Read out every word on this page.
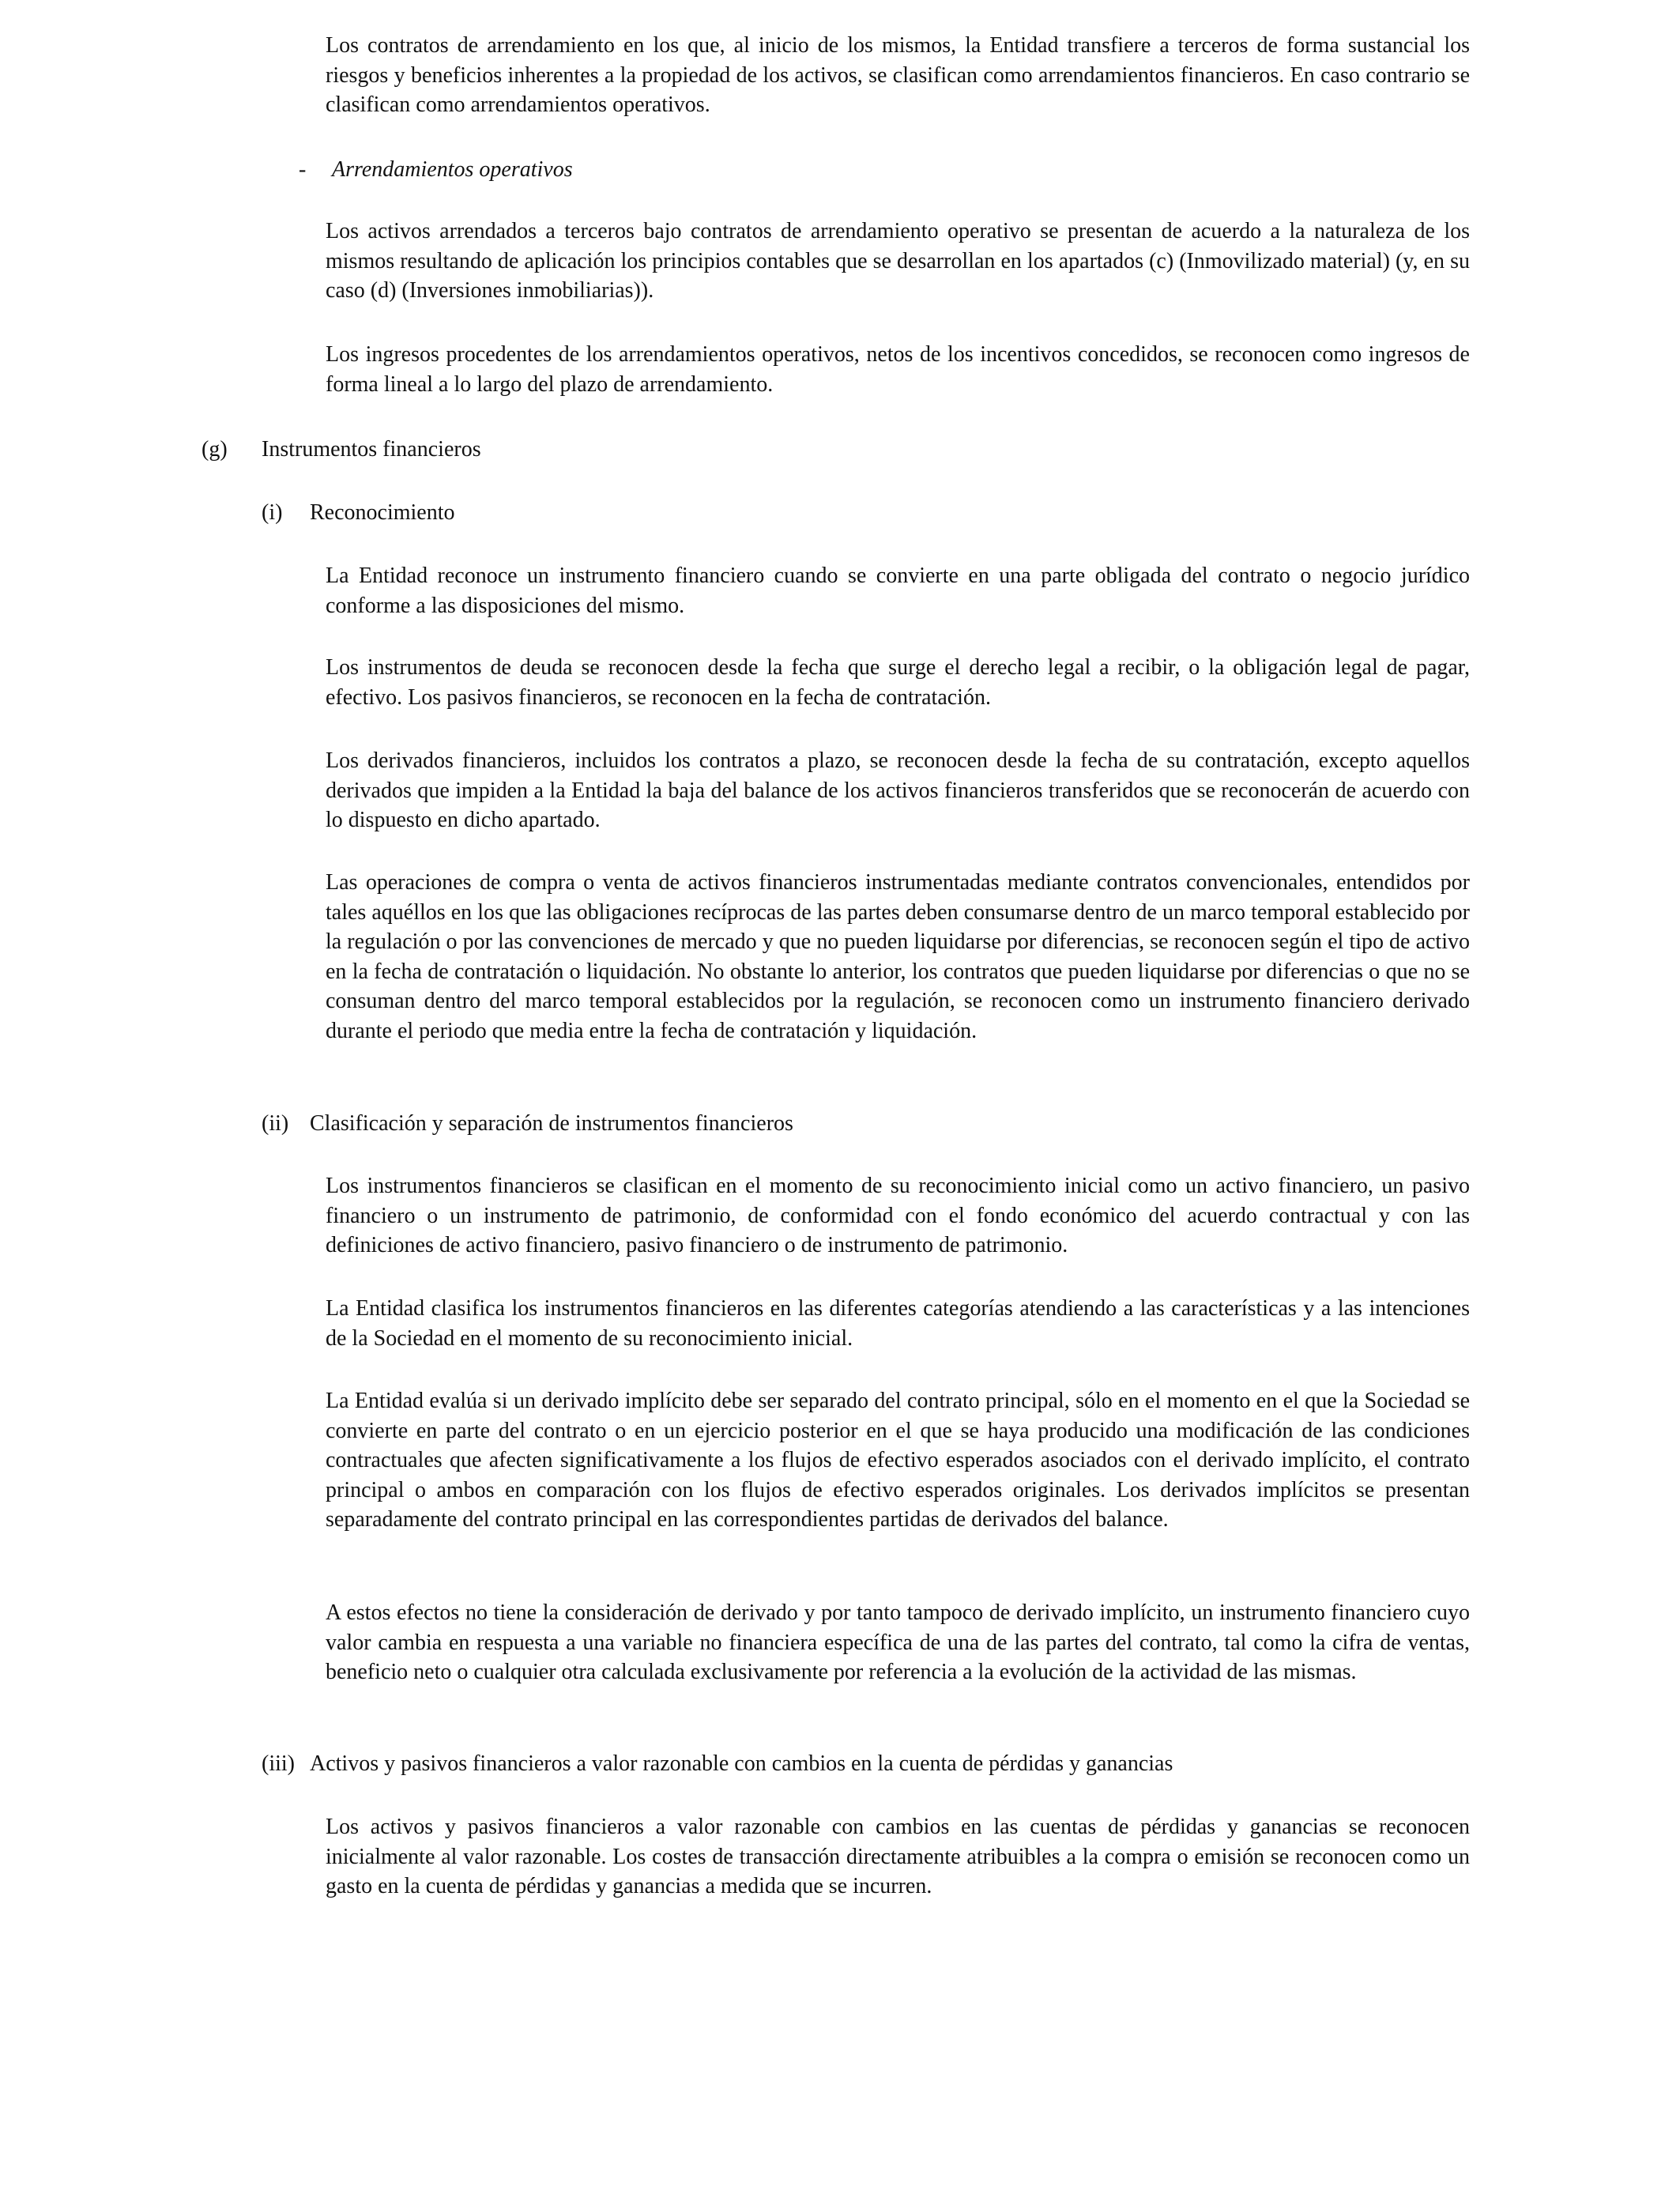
Los contratos de arrendamiento en los que, al inicio de los mismos, la Entidad transfiere a terceros de forma sustancial los riesgos y beneficios inherentes a la propiedad de los activos, se clasifican como arrendamientos financieros. En caso contrario se clasifican como arrendamientos operativos.

- Arrendamientos operativos

Los activos arrendados a terceros bajo contratos de arrendamiento operativo se presentan de acuerdo a la naturaleza de los mismos resultando de aplicación los principios contables que se desarrollan en los apartados (c) (Inmovilizado material) (y, en su caso (d) (Inversiones inmobiliarias)).

Los ingresos procedentes de los arrendamientos operativos, netos de los incentivos concedidos, se reconocen como ingresos de forma lineal a lo largo del plazo de arrendamiento.

(g) Instrumentos financieros
(i) Reconocimiento

La Entidad reconoce un instrumento financiero cuando se convierte en una parte obligada del contrato o negocio jurídico conforme a las disposiciones del mismo.

Los instrumentos de deuda se reconocen desde la fecha que surge el derecho legal a recibir, o la obligación legal de pagar, efectivo. Los pasivos financieros, se reconocen en la fecha de contratación.

Los derivados financieros, incluidos los contratos a plazo, se reconocen desde la fecha de su contratación, excepto aquellos derivados que impiden a la Entidad la baja del balance de los activos financieros transferidos que se reconocerán de acuerdo con lo dispuesto en dicho apartado.

Las operaciones de compra o venta de activos financieros instrumentadas mediante contratos convencionales, entendidos por tales aquéllos en los que las obligaciones recíprocas de las partes deben consumarse dentro de un marco temporal establecido por la regulación o por las convenciones de mercado y que no pueden liquidarse por diferencias, se reconocen según el tipo de activo en la fecha de contratación o liquidación. No obstante lo anterior, los contratos que pueden liquidarse por diferencias o que no se consuman dentro del marco temporal establecidos por la regulación, se reconocen como un instrumento financiero derivado durante el periodo que media entre la fecha de contratación y liquidación.

(ii) Clasificación y separación de instrumentos financieros

Los instrumentos financieros se clasifican en el momento de su reconocimiento inicial como un activo financiero, un pasivo financiero o un instrumento de patrimonio, de conformidad con el fondo económico del acuerdo contractual y con las definiciones de activo financiero, pasivo financiero o de instrumento de patrimonio.

La Entidad clasifica los instrumentos financieros en las diferentes categorías atendiendo a las características y a las intenciones de la Sociedad en el momento de su reconocimiento inicial.

La Entidad evalúa si un derivado implícito debe ser separado del contrato principal, sólo en el momento en el que la Sociedad se convierte en parte del contrato o en un ejercicio posterior en el que se haya producido una modificación de las condiciones contractuales que afecten significativamente a los flujos de efectivo esperados asociados con el derivado implícito, el contrato principal o ambos en comparación con los flujos de efectivo esperados originales. Los derivados implícitos se presentan separadamente del contrato principal en las correspondientes partidas de derivados del balance.

A estos efectos no tiene la consideración de derivado y por tanto tampoco de derivado implícito, un instrumento financiero cuyo valor cambia en respuesta a una variable no financiera específica de una de las partes del contrato, tal como la cifra de ventas, beneficio neto o cualquier otra calculada exclusivamente por referencia a la evolución de la actividad de las mismas.

(iii) Activos y pasivos financieros a valor razonable con cambios en la cuenta de pérdidas y ganancias

Los activos y pasivos financieros a valor razonable con cambios en las cuentas de pérdidas y ganancias se reconocen inicialmente al valor razonable. Los costes de transacción directamente atribuibles a la compra o emisión se reconocen como un gasto en la cuenta de pérdidas y ganancias a medida que se incurren.
